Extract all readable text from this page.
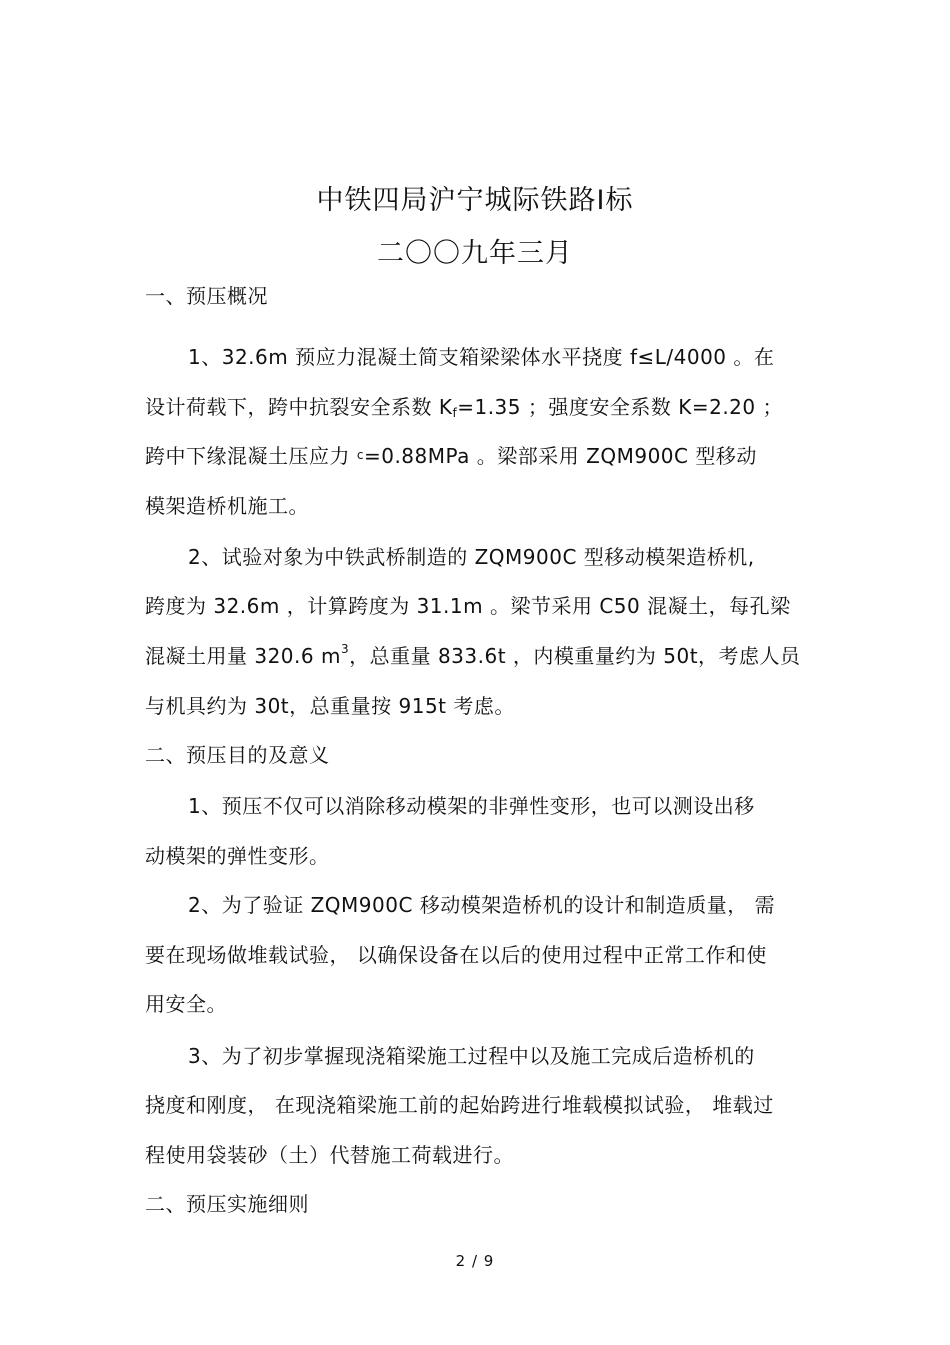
中铁四局沪宁城际铁路Ⅰ标
二〇〇九年三月
一、预压概况
1、32.6m 预应力混凝土简支箱梁梁体水平挠度 f≤L/4000 。在
设计荷载下，跨中抗裂安全系数 Kf=1.35 ；强度安全系数 K=2.20 ；
跨中下缘混凝土压应力 $^c$=0.88MPa 。梁部采用 ZQM900C 型移动
模架造桥机施工。
2、试验对象为中铁武桥制造的 ZQM900C 型移动模架造桥机,
跨度为 32.6m ，计算跨度为 31.1m 。梁节采用 C50 混凝土，每孔梁
混凝土用量 320.6 $m^3$，总重量 833.6t ，内模重量约为 50t，考虑人员
与机具约为 30t，总重量按 915t 考虑。
二、预压目的及意义
1、预压不仅可以消除移动模架的非弹性变形，也可以测设出移
动模架的弹性变形。
2、为了验证 ZQM900C 移动模架造桥机的设计和制造质量， 需
要在现场做堆载试验， 以确保设备在以后的使用过程中正常工作和使
用安全。
3、为了初步掌握现浇箱梁施工过程中以及施工完成后造桥机的
挠度和刚度， 在现浇箱梁施工前的起始跨进行堆载模拟试验， 堆载过
程使用袋装砂（土）代替施工荷载进行。
二、预压实施细则
2 / 9
